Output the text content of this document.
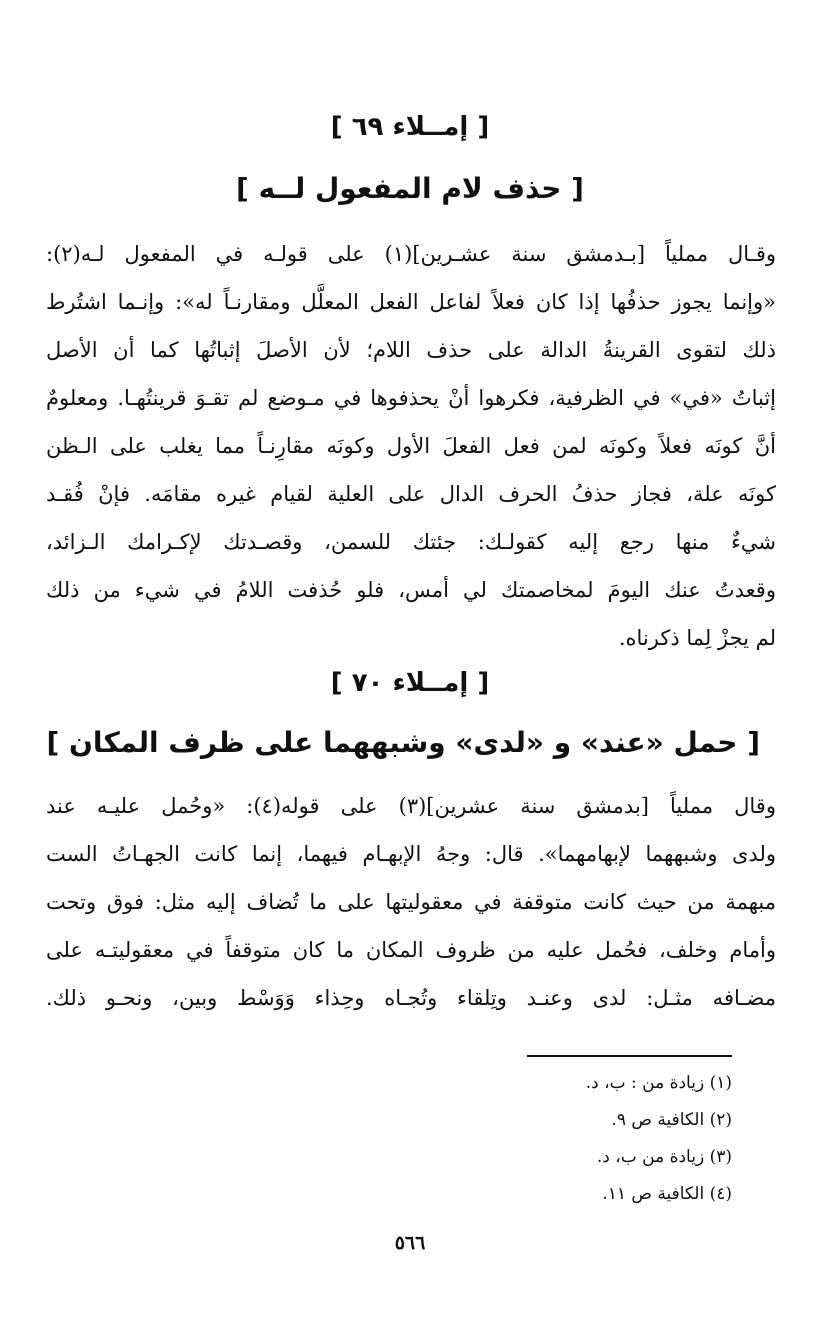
[ إمــلاء ٦٩ ]
[ حذف لام المفعول لــه ]
وقـال مملياً [بـدمشق سنة عشـرين](١) على قولـه في المفعول لـه(٢):
«وإنما يجوز حذفُها إذا كان فعلاً لفاعل الفعل المعلَّل ومقارنـاً له»: وإنـما اشتُرط
ذلك لتقوى القرينةُ الدالة على حذف اللام؛ لأن الأصلَ إثباتُها كما أن الأصل
إثباتُ «في» في الظرفية، فكرهوا أنْ يحذفوها في مـوضع لم تقـوَ قرينتُهـا. ومعلومٌ
أنَّ كونَه فعلاً وكونَه لمن فعل الفعلَ الأول وكونَه مقارِنـاً مما يغلب على الـظن
كونَه علة، فجاز حذفُ الحرف الدال على العلية لقيام غيره مقامَه. فإنْ فُقـد
شيءٌ منها رجع إليه كقولـك: جئتك للسمن، وقصـدتك لإكـرامك الـزائد،
وقعدتُ عنك اليومَ لمخاصمتك لي أمس، فلو حُذفت اللامُ في شيء من ذلك
لم يجزْ لِما ذكرناه.
[ إمــلاء ٧٠ ]
[ حمل «عند» و «لدى» وشبههما على ظرف المكان ]
وقال مملياً [بدمشق سنة عشرين](٣) على قوله(٤): «وحُمل عليـه عند
ولدى وشبههما لإبهامهما». قال: وجهُ الإبهـام فيهما، إنما كانت الجهـاتُ الست
مبهمة من حيث كانت متوقفة في معقوليتها على ما تُضاف إليه مثل: فوق وتحت
وأمام وخلف، فحُمل عليه من ظروف المكان ما كان متوقفاً في معقوليتـه على
مضـافه مثـل: لدى وعنـد وتِلقاء وتُجـاه وحِذاء وَوَسْط وبين، ونحـو ذلك.
(١) زيادة من : ب، د.
(٢) الكافية ص ٩.
(٣) زيادة من ب، د.
(٤) الكافية ص ١١.
٥٦٦
